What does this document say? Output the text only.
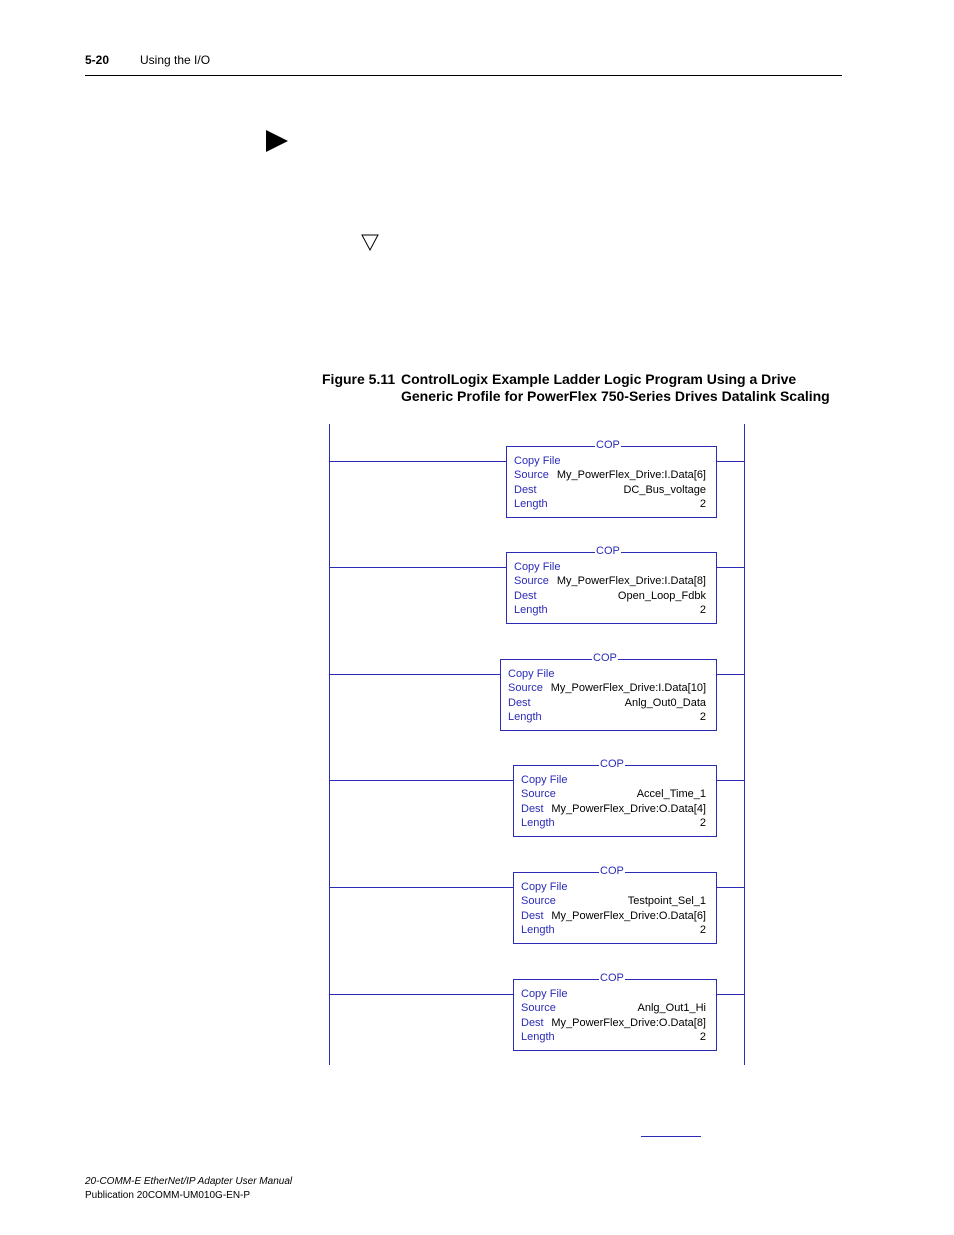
5-20	Using the I/O
Figure 5.11 ControlLogix Example Ladder Logic Program Using a Drive Generic Profile for PowerFlex 750-Series Drives Datalink Scaling
COP
Copy File
Source My_PowerFlex_Drive:I.Data[6]
Dest	DC_Bus_voltage
Length	2
COP
Copy File
Source My_PowerFlex_Drive:I.Data[8]
Dest	Open_Loop_Fdbk
Length	2
COP
Copy File
Source My_PowerFlex_Drive:I.Data[10]
Dest	Anlg_Out0_Data
Length	2
COP
Copy File
Source	Accel_Time_1
Dest My_PowerFlex_Drive:O.Data[4]
Length	2
COP
Copy File
Source	Testpoint_Sel_1
Dest My_PowerFlex_Drive:O.Data[6]
Length	2
COP
Copy File
Source	Anlg_Out1_Hi
Dest My_PowerFlex_Drive:O.Data[8]
Length	2
20-COMM-E EtherNet/IP Adapter User Manual
Publication 20COMM-UM010G-EN-P
